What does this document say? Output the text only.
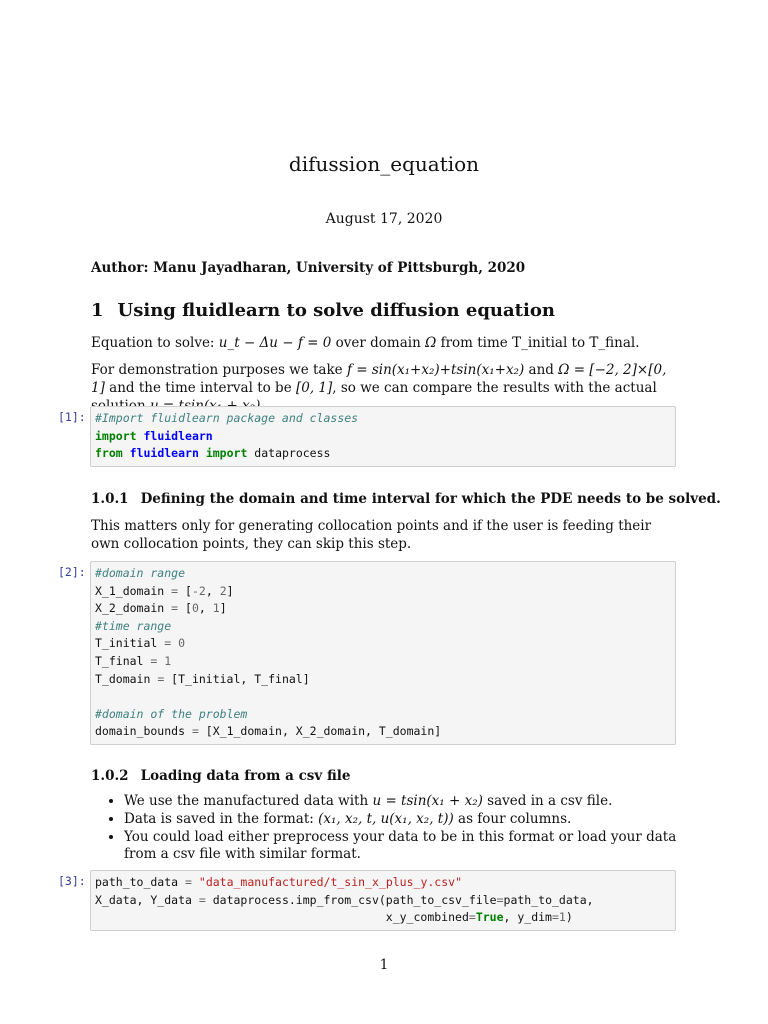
difussion_equation
August 17, 2020
Author: Manu Jayadharan, University of Pittsburgh, 2020
1 Using fluidlearn to solve diffusion equation
Equation to solve: u_t − Δu − f = 0 over domain Ω from time T_initial to T_final.
For demonstration purposes we take f = sin(x₁+x₂)+tsin(x₁+x₂) and Ω = [−2, 2]×[0, 1] and the time interval to be [0, 1], so we can compare the results with the actual
[1]: #Import fluidlearn package and classes
import fluidlearn
from fluidlearn import dataprocess
1.0.1 Defining the domain and time interval for which the PDE needs to be solved.
This matters only for generating collocation points and if the user is feeding their own collocation points, they can skip this step.
[2]: #domain range
X_1_domain = [-2, 2]
X_2_domain = [0, 1]
#time range
T_initial = 0
T_final = 1
T_domain = [T_initial, T_final]

#domain of the problem
domain_bounds = [X_1_domain, X_2_domain, T_domain]
1.0.2 Loading data from a csv file
• We use the manufactured data with u = tsin(x₁ + x₂) saved in a csv file.
• Data is saved in the format: (x₁, x₂, t, u(x₁, x₂, t)) as four columns.
• You could load either preprocess your data to be in this format or load your data from a csv file with similar format.
[3]: path_to_data = "data_manufactured/t_sin_x_plus_y.csv"
X_data, Y_data = dataprocess.imp_from_csv(path_to_csv_file=path_to_data,
x_y_combined=True, y_dim=1)
1
